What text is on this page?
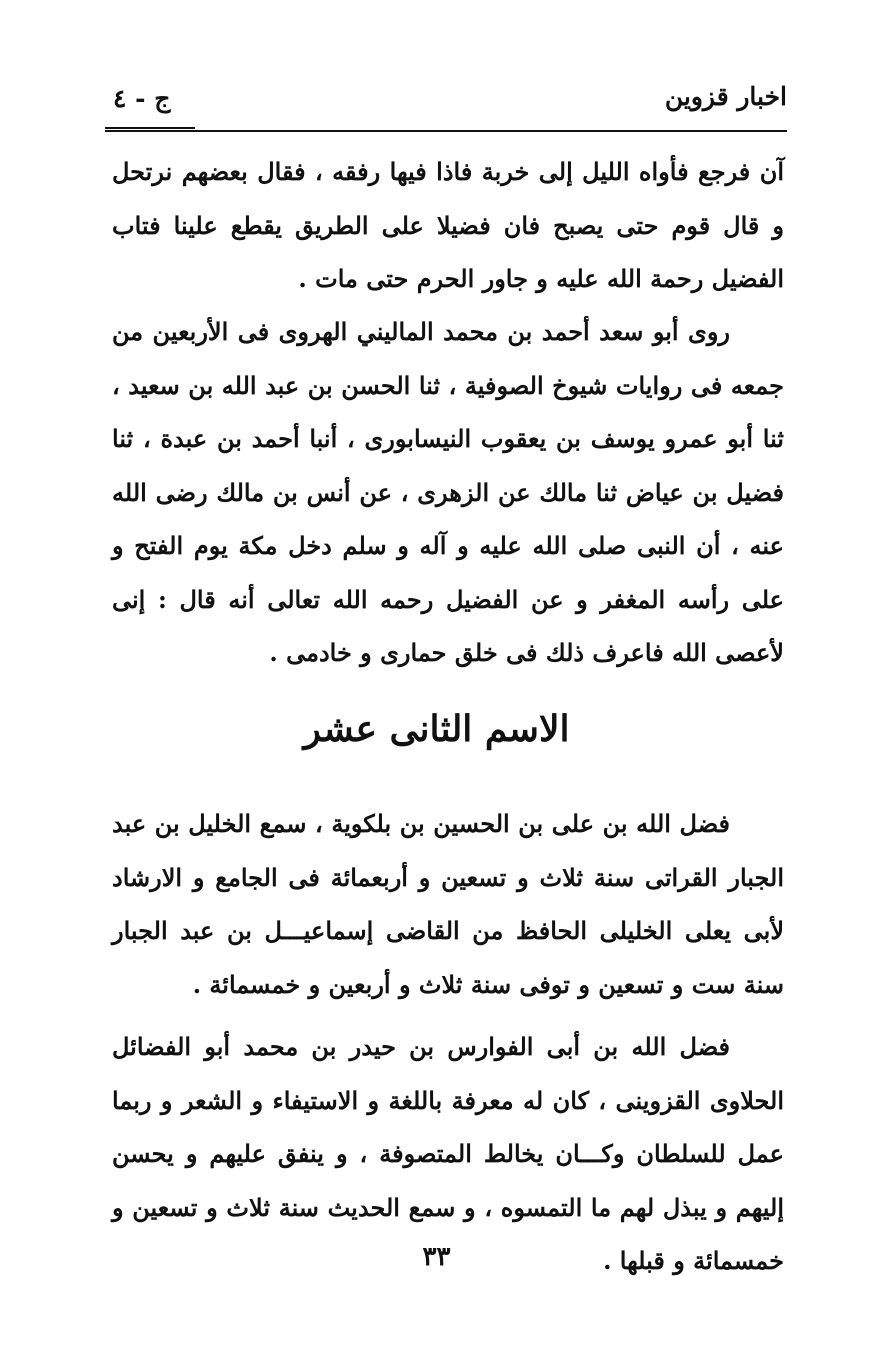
اخبار قزوين
ج - ٤

آن فرجع فأواه الليل إلى خربة فاذا فيها رفقه ، فقال بعضهم نرتحل و قال قوم حتى يصبح فان فضيلا على الطريق يقطع علينا فتاب الفضيل رحمة الله عليه و جاور الحرم حتى مات .

روى أبو سعد أحمد بن محمد الماليني الهروى فى الأربعين من جمعه فى روايات شيوخ الصوفية ، ثنا الحسن بن عبد الله بن سعيد ، ثنا أبو عمرو يوسف بن يعقوب النيسابورى ، أنبا أحمد بن عبدة ، ثنا فضيل بن عياض ثنا مالك عن الزهرى ، عن أنس بن مالك رضى الله عنه ، أن النبى صلى الله عليه و آله و سلم دخل مكة يوم الفتح و على رأسه المغفر و عن الفضيل رحمه الله تعالى أنه قال : إنى لأعصى الله فاعرف ذلك فى خلق حمارى و خادمى .

الاسم الثانى عشر

فضل الله بن على بن الحسين بن بلكوية ، سمع الخليل بن عبد الجبار القراتى سنة ثلاث و تسعين و أربعمائة فى الجامع و الارشاد لأبى يعلى الخليلى الحافظ من القاضى إسماعيـــل بن عبد الجبار سنة ست و تسعين و توفى سنة ثلاث و أربعين و خمسمائة .

فضل الله بن أبى الفوارس بن حيدر بن محمد أبو الفضائل الحلاوى القزوينى ، كان له معرفة باللغة و الاستيفاء و الشعر و ربما عمل للسلطان وكـــان يخالط المتصوفة ، و ينفق عليهم و يحسن إليهم و يبذل لهم ما التمسوه ، و سمع الحديث سنة ثلاث و تسعين و خمسمائة و قبلها .

٣٣
